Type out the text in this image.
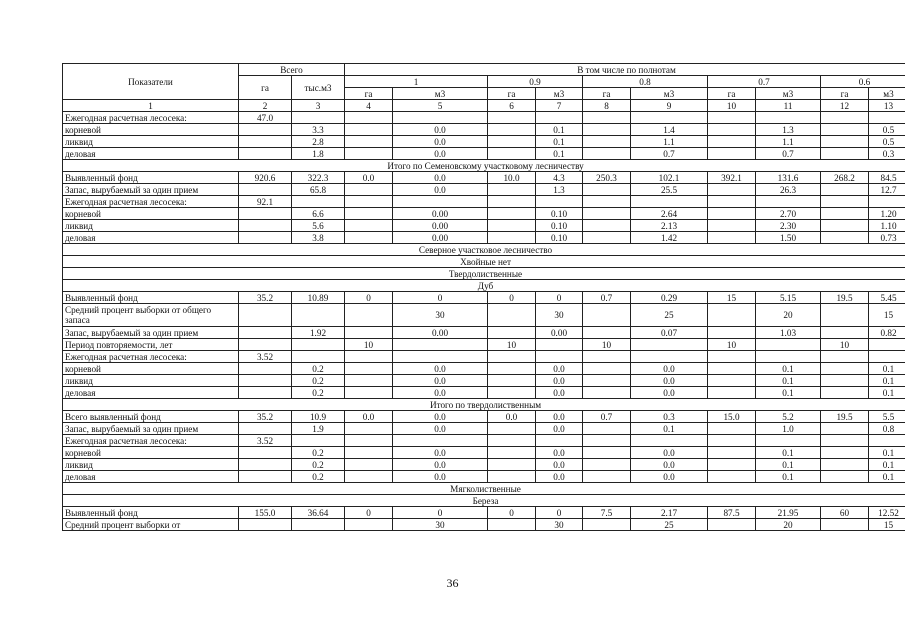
Показатели	Всего		В том числе по полнотам									
	га	тыс.м3	1		0.9		0.8		0.7		0.6	
			га	м3	га	м3	га	м3	га	м3	га	м3
1	2	3	4	5	6	7	8	9	10	11	12	13
Ежегодная расчетная лесосека:	47.0											
корневой		3.3		0.0		0.1		1.4		1.3		0.5
ликвид		2.8		0.0		0.1		1.1		1.1		0.5
деловая		1.8		0.0		0.1		0.7		0.7		0.3
Итого по Семеновскому участковому лесничеству												
Выявленный фонд	920.6	322.3	0.0	0.0	10.0	4.3	250.3	102.1	392.1	131.6	268.2	84.5
Запас, вырубаемый за один прием		65.8		0.0		1.3		25.5		26.3		12.7
Ежегодная расчетная лесосека:	92.1											
корневой		6.6		0.00		0.10		2.64		2.70		1.20
ликвид		5.6		0.00		0.10		2.13		2.30		1.10
деловая		3.8		0.00		0.10		1.42		1.50		0.73
Северное участковое лесничество												
Хвойные нет												
Твердолиственные												
Дуб												
Выявленный фонд	35.2	10.89	0	0	0	0	0.7	0.29	15	5.15	19.5	5.45
Средний процент выборки от общего запаса				30		30		25		20		15
Запас, вырубаемый за один прием		1.92		0.00		0.00		0.07		1.03		0.82
Период повторяемости, лет			10		10		10		10		10	
Ежегодная расчетная лесосека:	3.52											
корневой		0.2		0.0		0.0		0.0		0.1		0.1
ликвид		0.2		0.0		0.0		0.0		0.1		0.1
деловая		0.2		0.0		0.0		0.0		0.1		0.1
Итого по твердолиственным												
Всего выявленный фонд	35.2	10.9	0.0	0.0	0.0	0.0	0.7	0.3	15.0	5.2	19.5	5.5
Запас, вырубаемый за один прием		1.9		0.0		0.0		0.1		1.0		0.8
Ежегодная расчетная лесосека:	3.52											
корневой		0.2		0.0		0.0		0.0		0.1		0.1
ликвид		0.2		0.0		0.0		0.0		0.1		0.1
деловая		0.2		0.0		0.0		0.0		0.1		0.1
Мягколиственные												
Береза												
Выявленный фонд	155.0	36.64	0	0	0	0	7.5	2.17	87.5	21.95	60	12.52
Средний процент выборки от				30		30		25		20		15
36
